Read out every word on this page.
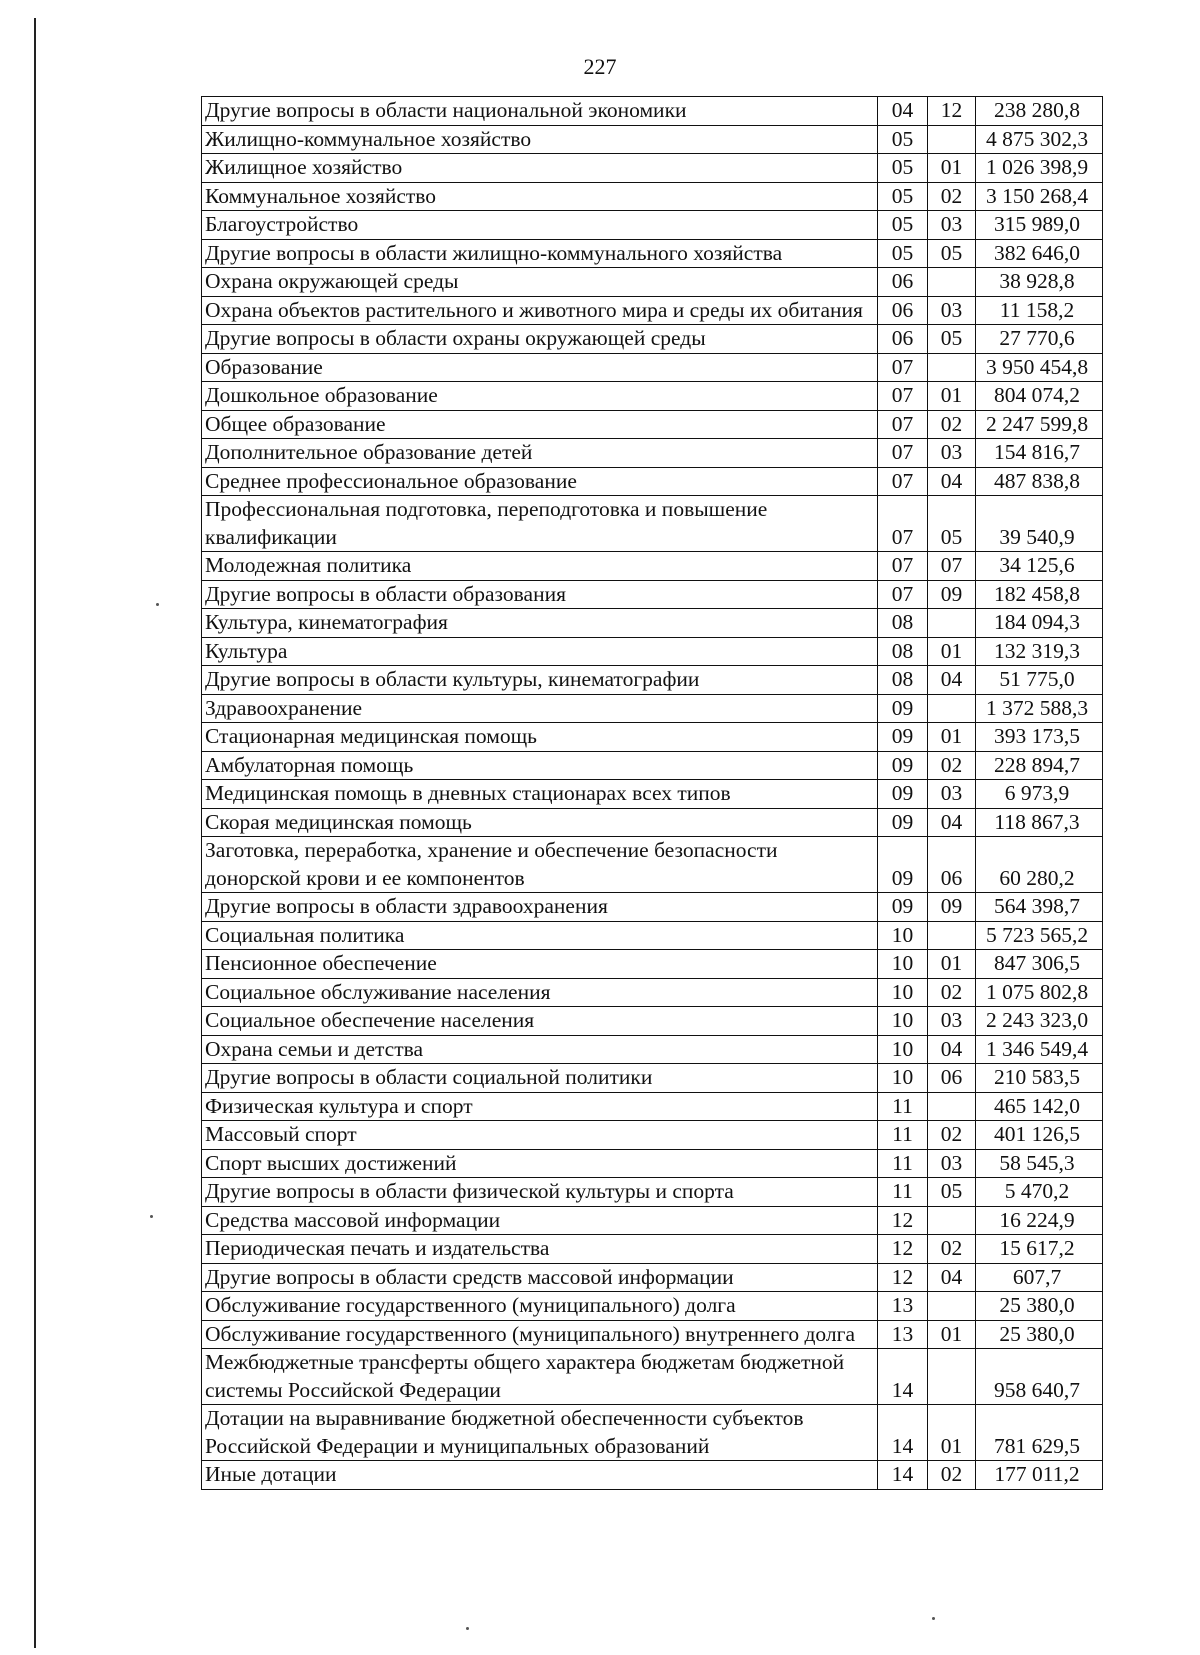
227
Другие вопросы в области национальной экономики	04	12	238 280,8
Жилищно-коммунальное хозяйство	05		4 875 302,3
Жилищное хозяйство	05	01	1 026 398,9
Коммунальное хозяйство	05	02	3 150 268,4
Благоустройство	05	03	315 989,0
Другие вопросы в области жилищно-коммунального хозяйства	05	05	382 646,0
Охрана окружающей среды	06		38 928,8
Охрана объектов растительного и животного мира и среды их обитания	06	03	11 158,2
Другие вопросы в области охраны окружающей среды	06	05	27 770,6
Образование	07		3 950 454,8
Дошкольное образование	07	01	804 074,2
Общее образование	07	02	2 247 599,8
Дополнительное образование детей	07	03	154 816,7
Среднее профессиональное образование	07	04	487 838,8
Профессиональная подготовка, переподготовка и повышение квалификации	07	05	39 540,9
Молодежная политика	07	07	34 125,6
Другие вопросы в области образования	07	09	182 458,8
Культура, кинематография	08		184 094,3
Культура	08	01	132 319,3
Другие вопросы в области культуры, кинематографии	08	04	51 775,0
Здравоохранение	09		1 372 588,3
Стационарная медицинская помощь	09	01	393 173,5
Амбулаторная помощь	09	02	228 894,7
Медицинская помощь в дневных стационарах всех типов	09	03	6 973,9
Скорая медицинская помощь	09	04	118 867,3
Заготовка, переработка, хранение и обеспечение безопасности донорской крови и ее компонентов	09	06	60 280,2
Другие вопросы в области здравоохранения	09	09	564 398,7
Социальная политика	10		5 723 565,2
Пенсионное обеспечение	10	01	847 306,5
Социальное обслуживание населения	10	02	1 075 802,8
Социальное обеспечение населения	10	03	2 243 323,0
Охрана семьи и детства	10	04	1 346 549,4
Другие вопросы в области социальной политики	10	06	210 583,5
Физическая культура и спорт	11		465 142,0
Массовый спорт	11	02	401 126,5
Спорт высших достижений	11	03	58 545,3
Другие вопросы в области физической культуры и спорта	11	05	5 470,2
Средства массовой информации	12		16 224,9
Периодическая печать и издательства	12	02	15 617,2
Другие вопросы в области средств массовой информации	12	04	607,7
Обслуживание государственного (муниципального) долга	13		25 380,0
Обслуживание государственного (муниципального) внутреннего долга	13	01	25 380,0
Межбюджетные трансферты общего характера бюджетам бюджетной системы Российской Федерации	14		958 640,7
Дотации на выравнивание бюджетной обеспеченности субъектов Российской Федерации и муниципальных образований	14	01	781 629,5
Иные дотации	14	02	177 011,2
